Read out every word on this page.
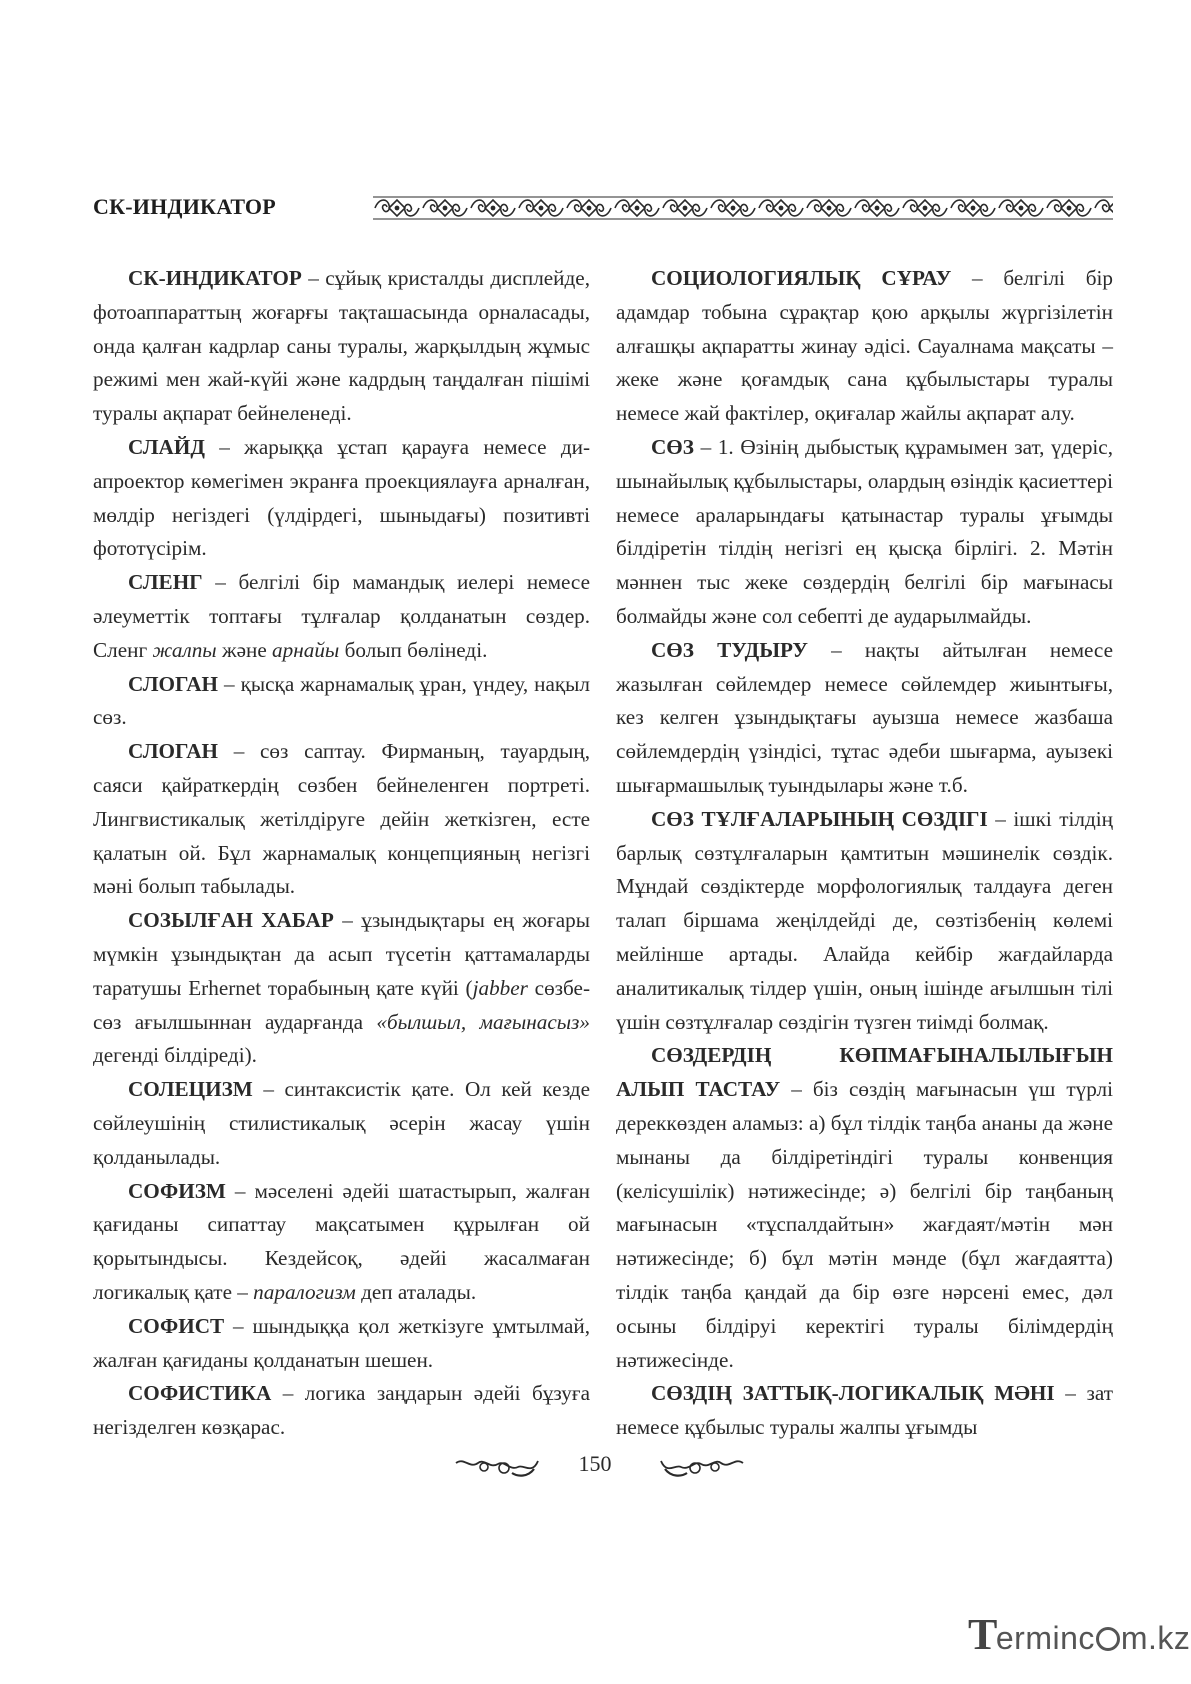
СК-ИНДИКАТОР

СК-ИНДИКАТОР – сұйық кристалды дисплейде, фотоаппараттың жоғарғы тақташасында орналасады, онда қалған кадрлар саны туралы, жарқылдың жұмыс режимі мен жай-күйі және кадрдың таңдалған пішімі туралы ақпарат бейнеленеді.

СЛАЙД – жарыққа ұстап қарауға немесе диапроектор көмегімен экранға проекциялауға арналған, мөлдір негіздегі (үлдірдегі, шыныдағы) позитивті фототүсірім.

СЛЕНГ – белгілі бір мамандық иелері немесе әлеуметтік топтағы тұлғалар қолданатын сөздер. Сленг жалпы және арнайы болып бөлінеді.

СЛОГАН – қысқа жарнамалық ұран, үндеу, нақыл сөз.

СЛОГАН – сөз саптау. Фирманың, тауардың, саяси қайраткердің сөзбен бейнеленген портреті. Лингвистикалық жетілдіруге дейін жеткізген, есте қалатын ой. Бұл жарнамалық концепцияның негізгі мәні болып табылады.

СОЗЫЛҒАН ХАБАР – ұзындықтары ең жоғары мүмкін ұзындықтан да асып түсетін қаттамаларды таратушы Erhernet торабының қате күйі (jabber сөзбе-сөз ағылшыннан аударғанда «былшыл, мағынасыз» дегенді білдіреді).

СОЛЕЦИЗМ – синтаксистік қате. Ол кей кезде сөйлеушінің стилистикалық әсерін жасау үшін қолданылады.

СОФИЗМ – мәселені әдейі шатастырып, жалған қағиданы сипаттау мақсатымен құрылған ой қорытындысы. Кездейсоқ, әдейі жасалмаған логикалық қате – паралогизм деп аталады.

СОФИСТ – шындыққа қол жеткізуге ұмтылмай, жалған қағиданы қолданатын шешен.

СОФИСТИКА – логика заңдарын әдейі бұзуға негізделген көзқарас.

СОЦИОЛОГИЯЛЫҚ СҰРАУ – белгілі бір адамдар тобына сұрақтар қою арқылы жүргізілетін алғашқы ақпаратты жинау әдісі. Сауалнама мақсаты – жеке және қоғамдық сана құбылыстары туралы немесе жай фактілер, оқиғалар жайлы ақпарат алу.

СӨЗ – 1. Өзінің дыбыстық құрамымен зат, үдеріс, шынайылық құбылыстары, олардың өзіндік қасиеттері немесе араларындағы қатынастар туралы ұғымды білдіретін тілдің негізгі ең қысқа бірлігі. 2. Мәтін мәннен тыс жеке сөздердің белгілі бір мағынасы болмайды және сол себепті де аударылмайды.

СӨЗ ТУДЫРУ – нақты айтылған немесе жазылған сөйлемдер немесе сөйлемдер жиынтығы, кез келген ұзындықтағы ауызша немесе жазбаша сөйлемдердің үзіндісі, тұтас әдеби шығарма, ауызекі шығармашылық туындылары және т.б.

СӨЗ ТҰЛҒАЛАРЫНЫҢ СӨЗДІГІ – ішкі тілдің барлық сөзтұлғаларын қамтитын мәшинелік сөздік. Мұндай сөздіктерде морфологиялық талдауға деген талап біршама жеңілдейді де, сөзтізбенің көлемі мейлінше артады. Алайда кейбір жағдайларда аналитикалық тілдер үшін, оның ішінде ағылшын тілі үшін сөзтұлғалар сөздігін түзген тиімді болмақ.

СӨЗДЕРДІҢ КӨПМАҒЫНАЛЫЛЫҒЫН АЛЫП ТАСТАУ – біз сөздің мағынасын үш түрлі дереккөзден аламыз: а) бұл тілдік таңба ананы да және мынаны да білдіретіндігі туралы конвенция (келісушілік) нәтижесінде; ә) белгілі бір таңбаның мағынасын «тұспалдайтын» жағдаят/мәтін мән нәтижесінде; б) бұл мәтін мәнде (бұл жағдаятта) тілдік таңба қандай да бір өзге нәрсені емес, дәл осыны білдіруі керектігі туралы білімдердің нәтижесінде.

СӨЗДІҢ ЗАТТЫҚ-ЛОГИКАЛЫҚ МӘНІ – зат немесе құбылыс туралы жалпы ұғымды

150
T
erminc m.kz
